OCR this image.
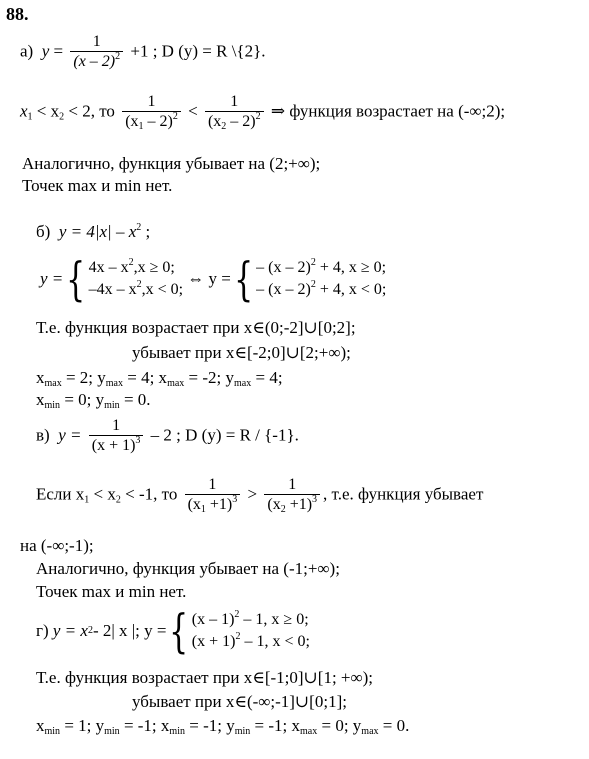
88.
а) $y = \frac{1}{(x - 2)^2} +1$ ; D (y) = R \{2}.
$x_1 < x_2 < 2$, то $\frac{1}{(x_1 - 2)^2} < \frac{1}{(x_2 - 2)^2}$ ⇒ функция возрастает на (-∞;2);
Аналогично, функция убывает на (2;+∞);
Точек max и min нет.
б) $y = 4|x| - x^2$ ;
y = { $4x - x^2,x \ge 0$;
$-4x - x^2,x < 0$;

⇔ y = { – (x – 2)$^2$ + 4, x ≥ 0;
– (x – 2)$^2$ + 4, x < 0;
Т.е. функция возрастает при x∈(0;-2]∪[0;2];
убывает при x∈[-2;0]∪[2;+∞);
$x_{max} = 2$; $y_{max} = 4$; $x_{max} = -2$; $y_{max} = 4$;
$x_{min} = 0$; $y_{min} = 0$.
в) $y = \frac{1}{(x + 1)^3} - 2$ ; D (y) = R / {-1}.
Если $x_1 < x_2 < -1$, то $\frac{1}{(x_1 +1)^3} > \frac{1}{(x_2 +1)^3}$ , т.е. функция убывает
на (-∞;-1);
Аналогично, функция убывает на (-1;+∞);
Точек max и min нет.
г)
y = x 2 - 2| x |; y = { (x – 1)$^2$ – 1, x ≥ 0;
$(x + 1)^2 - 1$, x < 0;
Т.е. функция возрастает при x∈[-1;0]∪[1; +∞);
убывает при x∈(-∞;-1]∪[0;1];
$x_{min} = 1$; $y_{min} = -1$; $x_{min} = -1$; $y_{min} = -1$; $x_{max} = 0$; $y_{max} = 0$.
